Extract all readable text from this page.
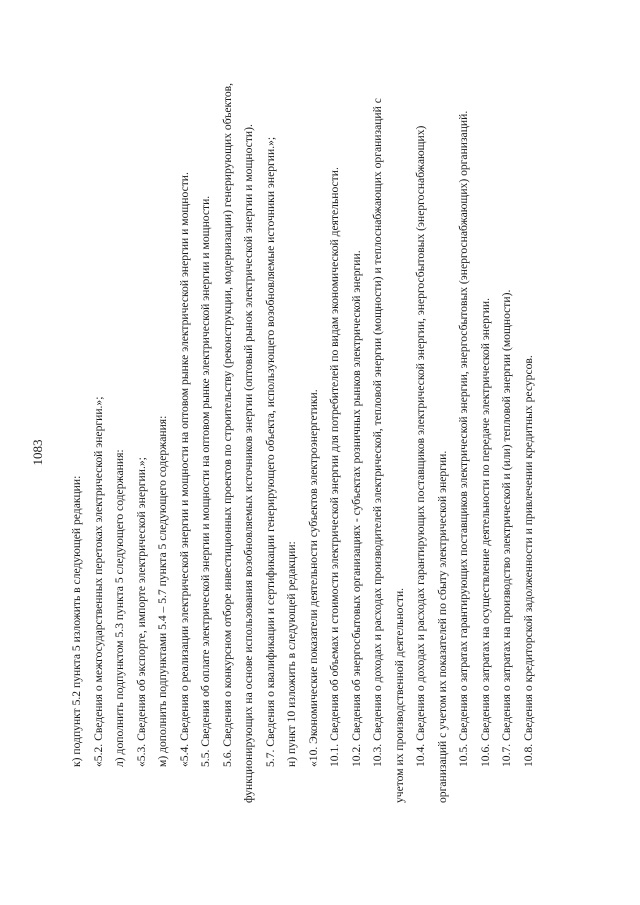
1083

к) подпункт 5.2 пункта 5 изложить в следующей редакции: «5.2. Сведения о межгосударственных перетоках электрической энергии.»; л) дополнить подпунктом 5.3 пункта 5 следующего содержания: «5.3. Сведения об экспорте, импорте электрической энергии.»; м) дополнить подпунктами 5.4 – 5.7 пункта 5 следующего содержания: «5.4. Сведения о реализации электрической энергии и мощности на оптовом рынке электрической энергии и мощности. 5.5. Сведения об оплате электрической энергии и мощности на оптовом рынке электрической энергии и мощности. 5.6. Сведения о конкурсном отборе инвестиционных проектов по строительству (реконструкции, модернизации) генерирующих объектов, функционирующих на основе использования возобновляемых источников энергии (оптовый рынок электрической энергии и мощности). 5.7. Сведения о квалификации и сертификации генерирующего объекта, использующего возобновляемые источники энергии.»; н) пункт 10 изложить в следующей редакции: «10. Экономические показатели деятельности субъектов электроэнергетики. 10.1. Сведения об объемах и стоимости электрической энергии для потребителей по видам экономической деятельности. 10.2. Сведения об энергосбытовых организациях - субъектах розничных рынков электрической энергии. 10.3. Сведения о доходах и расходах производителей электрической, тепловой энергии (мощности) и теплоснабжающих организаций с учетом их производственной деятельности. 10.4. Сведения о доходах и расходах гарантирующих поставщиков электрической энергии, энергосбытовых (энергоснабжающих) организаций с учетом их показателей по сбыту электрической энергии. 10.5. Сведения о затратах гарантирующих поставщиков электрической энергии, энергосбытовых (энергоснабжающих) организаций. 10.6. Сведения о затратах на осуществление деятельности по передаче электрической энергии. 10.7. Сведения о затратах на производство электрической и (или) тепловой энергии (мощности). 10.8. Сведения о кредиторской задолженности и привлечении кредитных ресурсов.
